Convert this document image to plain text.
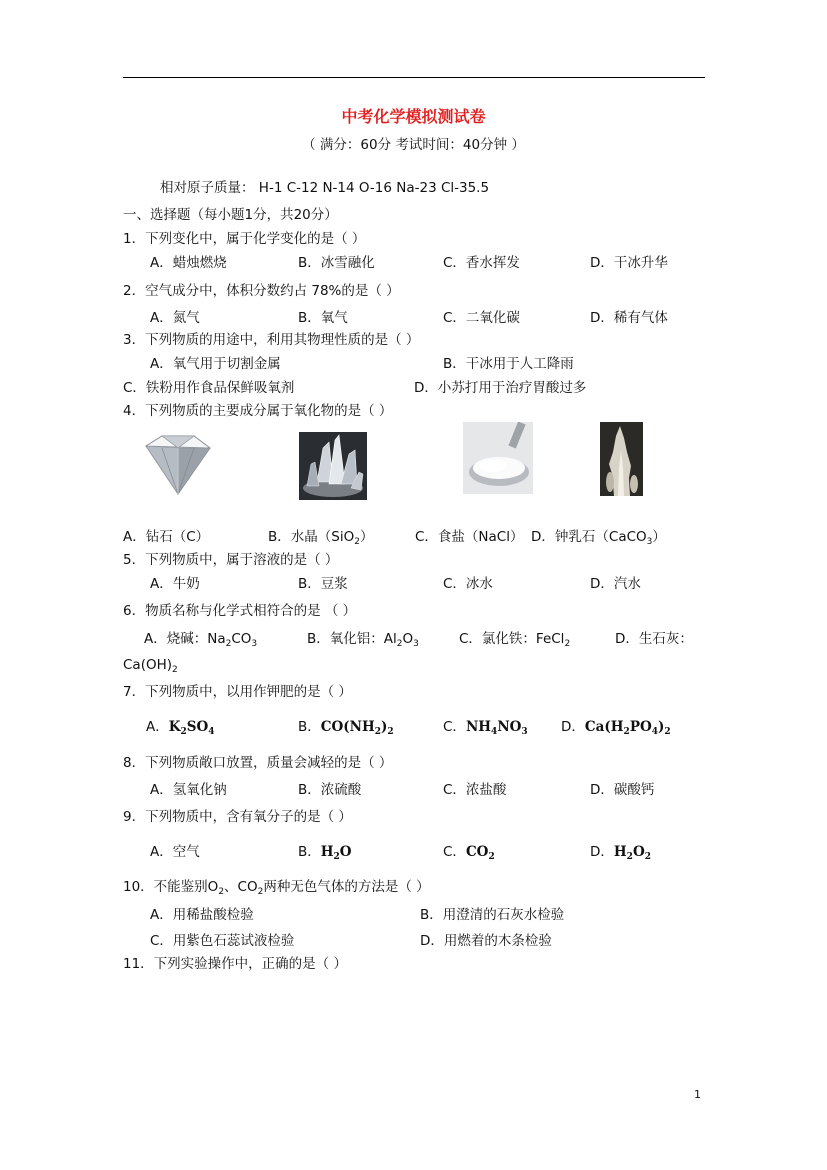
中考化学模拟测试卷
（ 满分：60分 考试时间：40分钟 ）
相对原子质量： H-1 C-12 N-14 O-16 Na-23 Cl-35.5
一、选择题（每小题1分，共20分）
1．下列变化中，属于化学变化的是（ ）
A．蜡烛燃烧	B．冰雪融化	C．香水挥发	D．干冰升华
2．空气成分中，体积分数约占 78%的是（ ）
A．氮气	B．氧气	C．二氧化碳	D．稀有气体
3．下列物质的用途中，利用其物理性质的是（ ）
A．氧气用于切割金属	B．干冰用于人工降雨
C．铁粉用作食品保鲜吸氧剂	D．小苏打用于治疗胃酸过多
4．下列物质的主要成分属于氧化物的是（ ）
A．钻石（C）	B．水晶（SiO$_2$）	C．食盐（NaCl） D．钟乳石（CaCO$_3$）
5．下列物质中，属于溶液的是（ ）
A．牛奶	B．豆浆	C．冰水	D．汽水
6．物质名称与化学式相符合的是 （ ）
A．烧碱：$Na_2CO_3$	B．氧化铝：$Al_2O_3$	C．氯化铁：FeCl$_2$	D．生石灰：
$Ca(OH)_2$
7．下列物质中，以用作钾肥的是（ ）
A．$K_2SO_4$	B．$CO(NH_2)_2$	C．$NH_4NO_3$ D．$Ca(H_2PO_4)_2$
8．下列物质敞口放置，质量会减轻的是（ ）
A．氢氧化钠	B．浓硫酸	C．浓盐酸	D．碳酸钙
9．下列物质中，含有氧分子的是（ ）
A．空气	B．$H_2O$	C．$CO_2$	D．$H_2O_2$
10．不能鉴别$O_2$、$CO_2$两种无色气体的方法是（ ）
A．用稀盐酸检验	B．用澄清的石灰水检验
C．用紫色石蕊试液检验	D．用燃着的木条检验
11．下列实验操作中，正确的是（ ）
1
